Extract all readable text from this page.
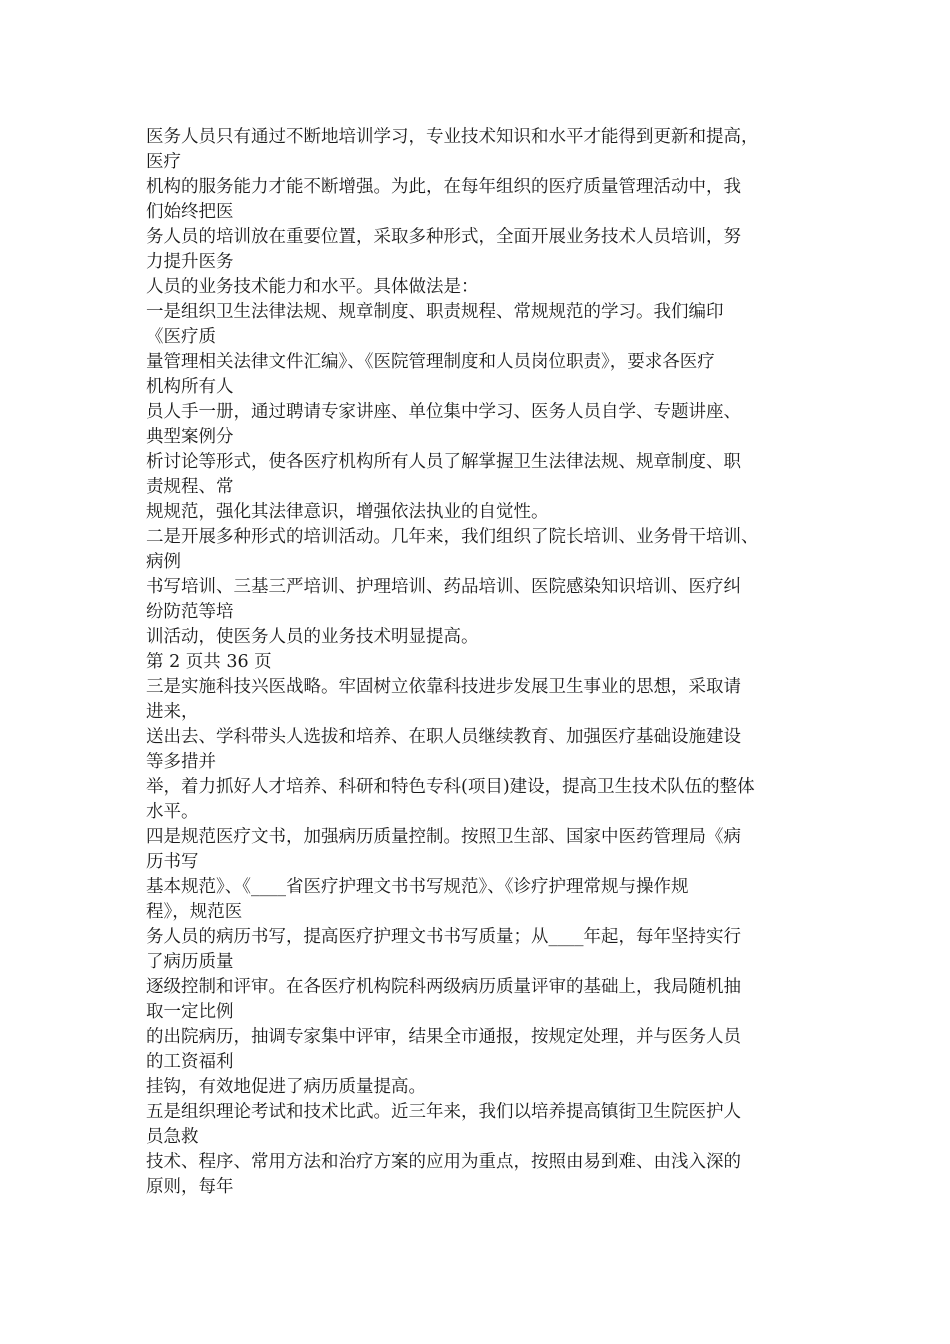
医务人员只有通过不断地培训学习，专业技术知识和水平才能得到更新和提高，
医疗
机构的服务能力才能不断增强。为此，在每年组织的医疗质量管理活动中，我
们始终把医
务人员的培训放在重要位置，采取多种形式，全面开展业务技术人员培训，努
力提升医务
人员的业务技术能力和水平。具体做法是：
一是组织卫生法律法规、规章制度、职责规程、常规规范的学习。我们编印
《医疗质
量管理相关法律文件汇编》、《医院管理制度和人员岗位职责》，要求各医疗
机构所有人
员人手一册，通过聘请专家讲座、单位集中学习、医务人员自学、专题讲座、
典型案例分
析讨论等形式，使各医疗机构所有人员了解掌握卫生法律法规、规章制度、职
责规程、常
规规范，强化其法律意识，增强依法执业的自觉性。
二是开展多种形式的培训活动。几年来，我们组织了院长培训、业务骨干培训、
病例
书写培训、三基三严培训、护理培训、药品培训、医院感染知识培训、医疗纠
纷防范等培
训活动，使医务人员的业务技术明显提高。
第 2 页共 36 页
三是实施科技兴医战略。牢固树立依靠科技进步发展卫生事业的思想，采取请
进来，
送出去、学科带头人选拔和培养、在职人员继续教育、加强医疗基础设施建设
等多措并
举，着力抓好人才培养、科研和特色专科(项目)建设，提高卫生技术队伍的整体
水平。
四是规范医疗文书，加强病历质量控制。按照卫生部、国家中医药管理局《病
历书写
基本规范》、《____省医疗护理文书书写规范》、《诊疗护理常规与操作规
程》，规范医
务人员的病历书写，提高医疗护理文书书写质量；从____年起，每年坚持实行
了病历质量
逐级控制和评审。在各医疗机构院科两级病历质量评审的基础上，我局随机抽
取一定比例
的出院病历，抽调专家集中评审，结果全市通报，按规定处理，并与医务人员
的工资福利
挂钩，有效地促进了病历质量提高。
五是组织理论考试和技术比武。近三年来，我们以培养提高镇街卫生院医护人
员急救
技术、程序、常用方法和治疗方案的应用为重点，按照由易到难、由浅入深的
原则，每年
